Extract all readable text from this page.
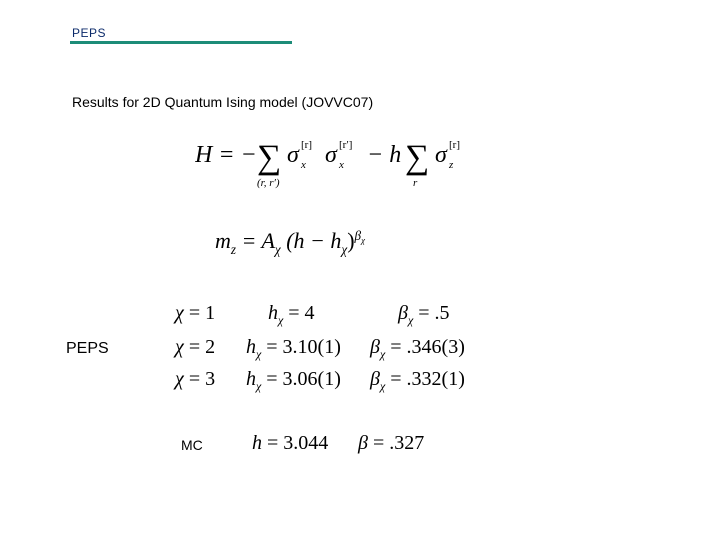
PEPS
Results for 2D Quantum Ising model (JOVVC07)
H = − ∑
(r, r′)
σ x
[r] σ x
[r′] − h ∑
r
σ z
[r]
$m_z = A_\chi$ $(h - h_\chi)^{\beta\chi}$
PEPS
χ = 1	$h_\chi = 4$	$\beta_\chi = .5$
χ = 2 $h_\chi = 3.10(1) \beta_\chi = .346(3)$
χ = 3 $h_\chi = 3.06(1) \beta_\chi = .332(1)$
MC h = 3.044 β = .327
